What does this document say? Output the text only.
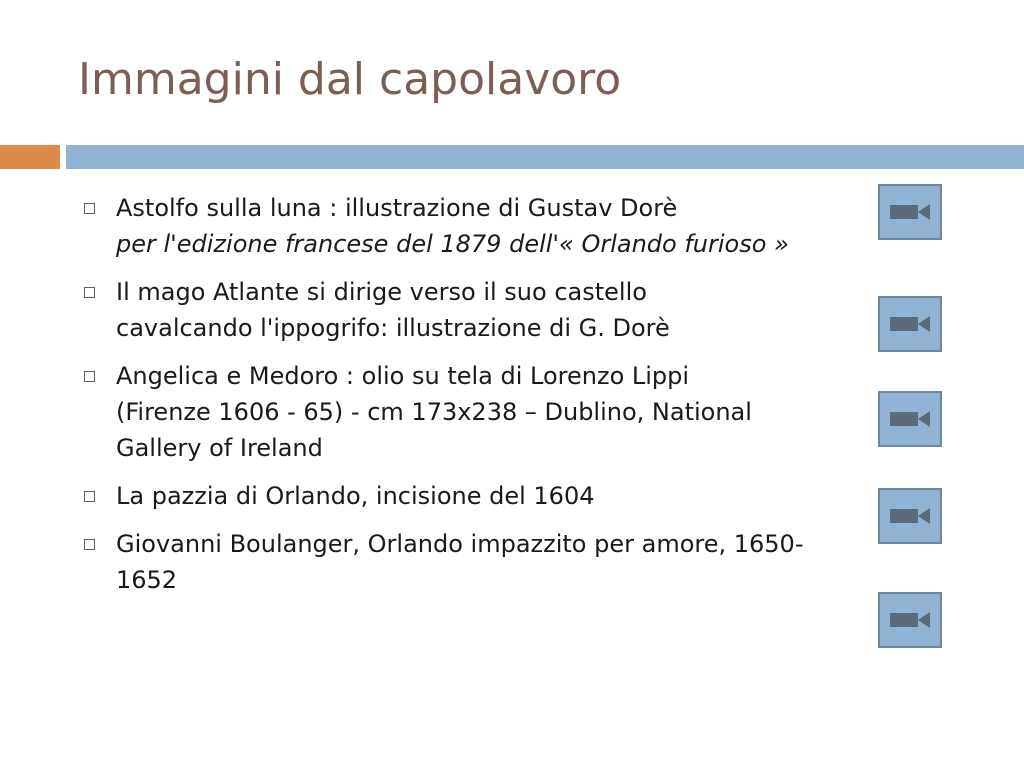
Immagini dal capolavoro
Astolfo sulla luna : illustrazione di Gustav Dorè
per l'edizione francese del 1879 dell'« Orlando furioso »
Il mago Atlante si dirige verso il suo castello
cavalcando l'ippogrifo: illustrazione di G. Dorè
Angelica e Medoro : olio su tela di Lorenzo Lippi
(Firenze 1606 - 65) - cm 173x238 – Dublino, National
Gallery of Ireland
La pazzia di Orlando, incisione del 1604
Giovanni Boulanger, Orlando impazzito per amore, 1650-
1652
